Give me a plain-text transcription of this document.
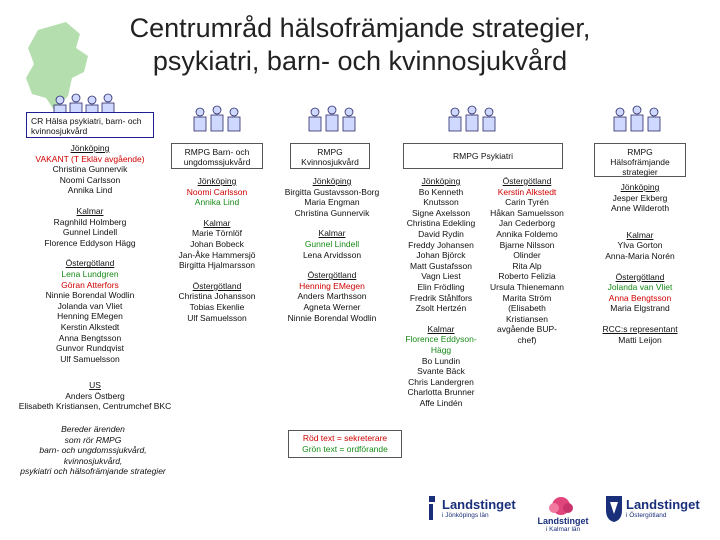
Centrumråd hälsofrämjande strategier,
psykiatri, barn- och kvinnosjukvård
CR Hälsa psykiatri, barn- och kvinnosjukvård
Jönköping
VAKANT (T Ekläv avgående)
Christina Gunnervik
Noomi Carlsson
Annika Lind
Kalmar
Ragnhild Holmberg
Gunnel Lindell
Florence Eddyson Hägg
Östergötland
Lena Lundgren
Göran Atterfors
Ninnie Borendal Wodlin
Jolanda van Vliet
Henning EMegen
Kerstin Alkstedt
Anna Bengtsson
Gunvor Rundqvist
Ulf Samuelsson
US
Anders Östberg
Elisabeth Kristiansen, Centrumchef BKC
Bereder ärenden
som rör RMPG
barn- och ungdomssjukvård,
kvinnosjukvård,
psykiatri och hälsofrämjande strategier
RMPG Barn- och ungdomssjukvård
Jönköping
Noomi Carlsson
Annika Lind
Kalmar
Marie Törnlöf
Johan Bobeck
Jan-Åke Hammersjö
Birgitta Hjalmarsson
Östergötland
Christina Johansson
Tobias Ekenlie
Ulf Samuelsson
RMPG Kvinnosjukvård
Jönköping
Birgitta Gustavsson-Borg
Maria Engman
Christina Gunnervik
Kalmar
Gunnel Lindell
Lena Arvidsson
Östergötland
Henning EMegen
Anders Marthsson
Agneta Werner
Ninnie Borendal Wodlin
RMPG Psykiatri
Jönköping
Bo Kenneth
Knutsson
Signe Axelsson
Christina Edekling
David Rydin
Freddy Johansen
Johan Björck
Matt Gustafsson
Vagn Liest
Elin Frödling
Fredrik Ståhlfors
Zsolt Hertzén
Kalmar
Florence Eddyson-
Hägg
Bo Lundin
Svante Bäck
Chris Landergren
Charlotta Brunner
Affe Lindén
Östergötland
Kerstin Alkstedt
Carin Tyrén
Håkan Samuelsson
Jan Cederborg
Annika Foldemo
Bjarne Nilsson
Olinder
Rita Alp
Roberto Felizia
Ursula Thienemann
Marita Ström
(Elisabeth
Kristiansen
avgående BUP-
chef)
RMPG Hälsofrämjande strategier
Jönköping
Jesper Ekberg
Anne Wilderoth
Kalmar
Ylva Gorton
Anna-Maria Norén
Östergötland
Jolanda van Vliet
Anna Bengtsson
Maria Elgstrand
RCC:s representant
Matti Leijon
Röd text = sekreterare
Grön text = ordförande
Landstinget
i Jönköpings län
Landstinget
i Kalmar län
Landstinget
i Östergötland
